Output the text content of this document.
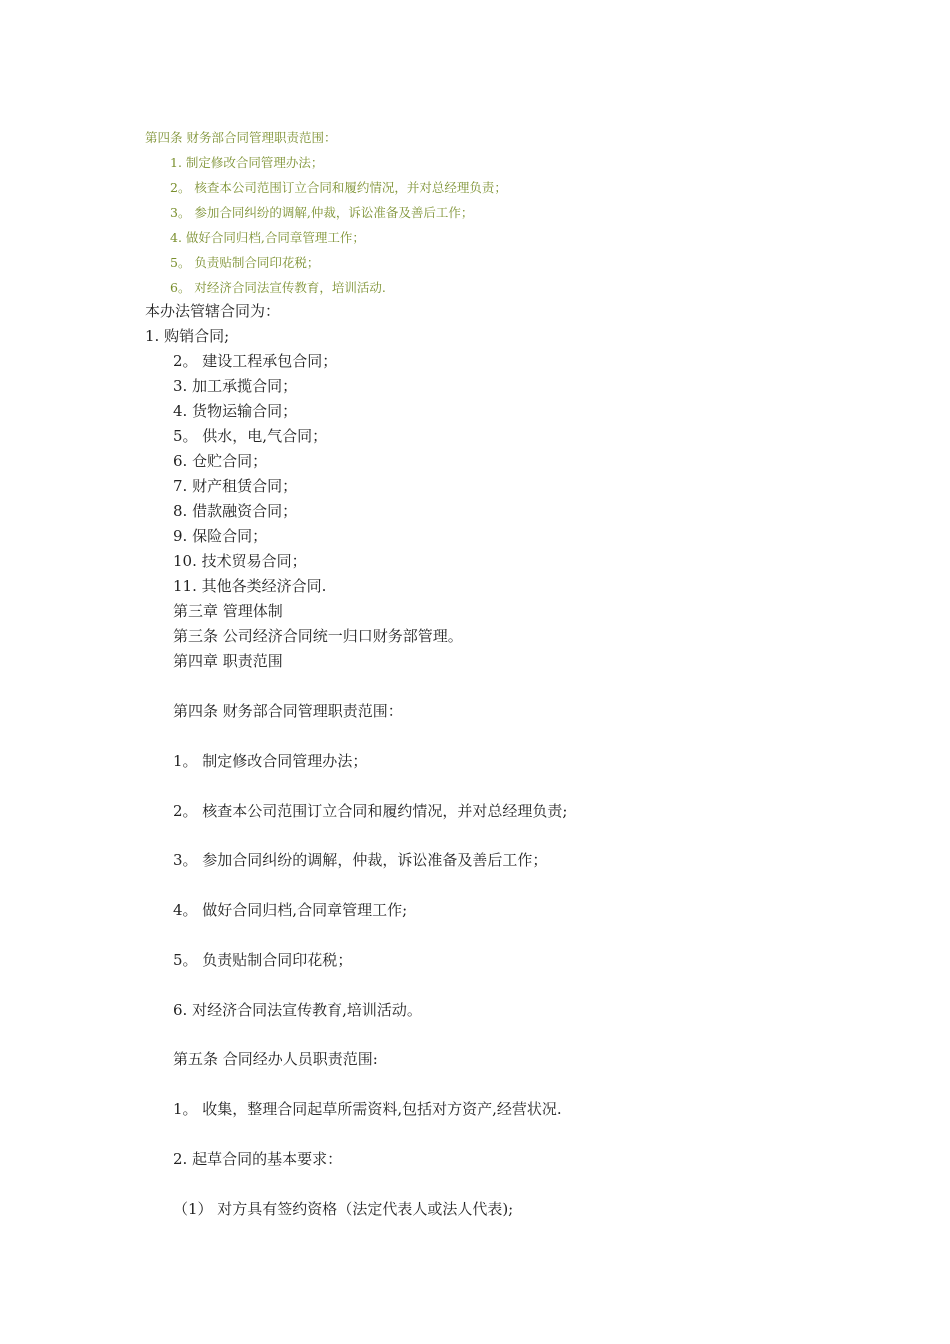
第四条 财务部合同管理职责范围：
1. 制定修改合同管理办法；
2。 核查本公司范围订立合同和履约情况，并对总经理负责；
3。 参加合同纠纷的调解,仲裁，诉讼准备及善后工作；
4. 做好合同归档,合同章管理工作；
5。 负责贴制合同印花税；
6。 对经济合同法宣传教育，培训活动.
本办法管辖合同为：
1. 购销合同;
2。 建设工程承包合同；
3. 加工承揽合同；
4. 货物运输合同；
5。 供水，电,气合同；
6. 仓贮合同；
7. 财产租赁合同；
8. 借款融资合同；
9. 保险合同；
10. 技术贸易合同；
11. 其他各类经济合同.
第三章 管理体制
第三条 公司经济合同统一归口财务部管理。
第四章 职责范围
第四条 财务部合同管理职责范围：
1。 制定修改合同管理办法；
2。 核查本公司范围订立合同和履约情况，并对总经理负责;
3。 参加合同纠纷的调解，仲裁，诉讼准备及善后工作；
4。 做好合同归档,合同章管理工作;
5。 负责贴制合同印花税；
6. 对经济合同法宣传教育,培训活动。
第五条 合同经办人员职责范围:
1。 收集，整理合同起草所需资料,包括对方资产,经营状况.
2. 起草合同的基本要求：
（1） 对方具有签约资格（法定代表人或法人代表);
